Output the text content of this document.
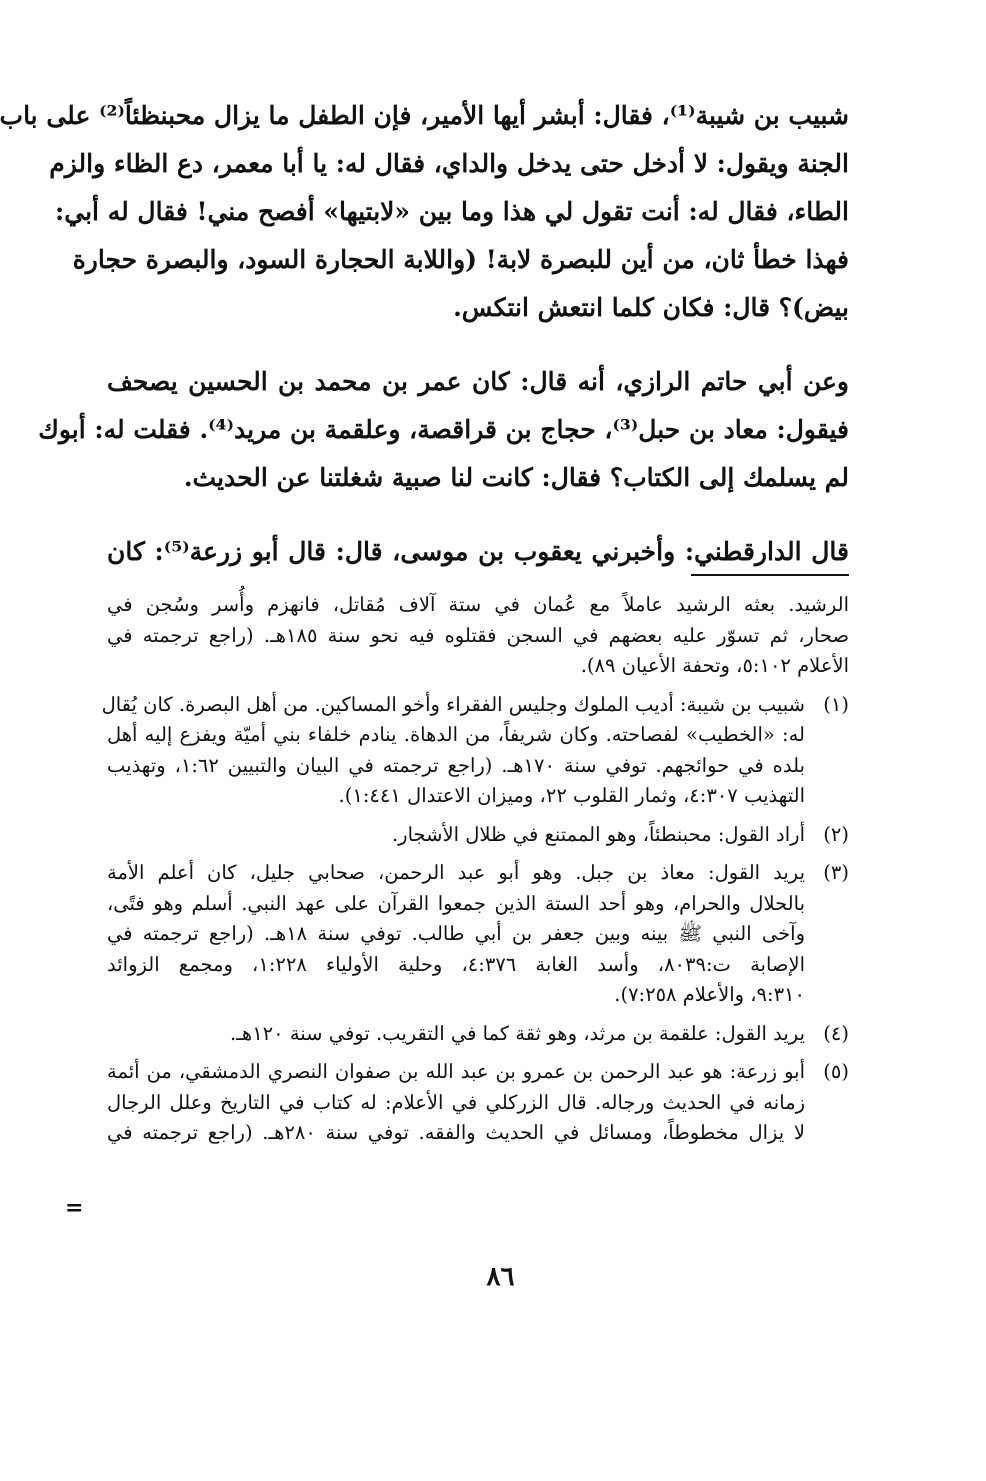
شبيب بن شيبة⁽¹⁾، فقال: أبشر أيها الأمير، فإن الطفل ما يزال محبنظئاً⁽²⁾ على باب
الجنة ويقول: لا أدخل حتى يدخل والداي، فقال له: يا أبا معمر، دع الظاء والزم
الطاء، فقال له: أنت تقول لي هذا وما بين «لابتيها» أفصح مني! فقال له أبي:
فهذا خطأ ثان، من أين للبصرة لابة! (واللابة الحجارة السود، والبصرة حجارة
بيض)؟ قال: فكان كلما انتعش انتكس.
وعن أبي حاتم الرازي، أنه قال: كان عمر بن محمد بن الحسين يصحف
فيقول: معاد بن حبل⁽³⁾، حجاج بن قراقصة، وعلقمة بن مريد⁽⁴⁾. فقلت له: أبوك
لم يسلمك إلى الكتاب؟ فقال: كانت لنا صبية شغلتنا عن الحديث.
قال الدارقطني: وأخبرني يعقوب بن موسى، قال: قال أبو زرعة⁽⁵⁾: كان
الرشيد. بعثه الرشيد عاملاً مع عُمان في ستة آلاف مُقاتل، فانهزم وأُسر وسُجن في
صحار، ثم تسوّر عليه بعضهم في السجن فقتلوه فيه نحو سنة ١٨٥هـ. (راجع ترجمته في
الأعلام ٥:١٠٢، وتحفة الأعيان ٨٩).
(١)
شبيب بن شيبة: أديب الملوك وجليس الفقراء وأخو المساكين. من أهل البصرة. كان يُقال
له: «الخطيب» لفصاحته. وكان شريفاً، من الدهاة. ينادم خلفاء بني أميّة ويفزع إليه أهل
بلده في حوائجهم. توفي سنة ١٧٠هـ. (راجع ترجمته في البيان والتبيين ١:٦٢، وتهذيب
التهذيب ٤:٣٠٧، وثمار القلوب ٢٢، وميزان الاعتدال ١:٤٤١).
(٢)
أراد القول: محبنطئاً، وهو الممتنع في ظلال الأشجار.
(٣)
يريد القول: معاذ بن جبل. وهو أبو عبد الرحمن، صحابي جليل، كان أعلم الأمة
بالحلال والحرام، وهو أحد الستة الذين جمعوا القرآن على عهد النبي. أسلم وهو فتًى،
وآخى النبي ﷺ بينه وبين جعفر بن أبي طالب. توفي سنة ١٨هـ. (راجع ترجمته في
الإصابة ت:٨٠٣٩، وأسد الغابة ٤:٣٧٦، وحلية الأولياء ١:٢٢٨، ومجمع الزوائد
٩:٣١٠، والأعلام ٧:٢٥٨).
(٤)
يريد القول: علقمة بن مرثد، وهو ثقة كما في التقريب. توفي سنة ١٢٠هـ.
(٥)
أبو زرعة: هو عبد الرحمن بن عمرو بن عبد الله بن صفوان النصري الدمشقي، من أئمة
زمانه في الحديث ورجاله. قال الزركلي في الأعلام: له كتاب في التاريخ وعلل الرجال
لا يزال مخطوطاً، ومسائل في الحديث والفقه. توفي سنة ٢٨٠هـ. (راجع ترجمته في
=
٨٦
